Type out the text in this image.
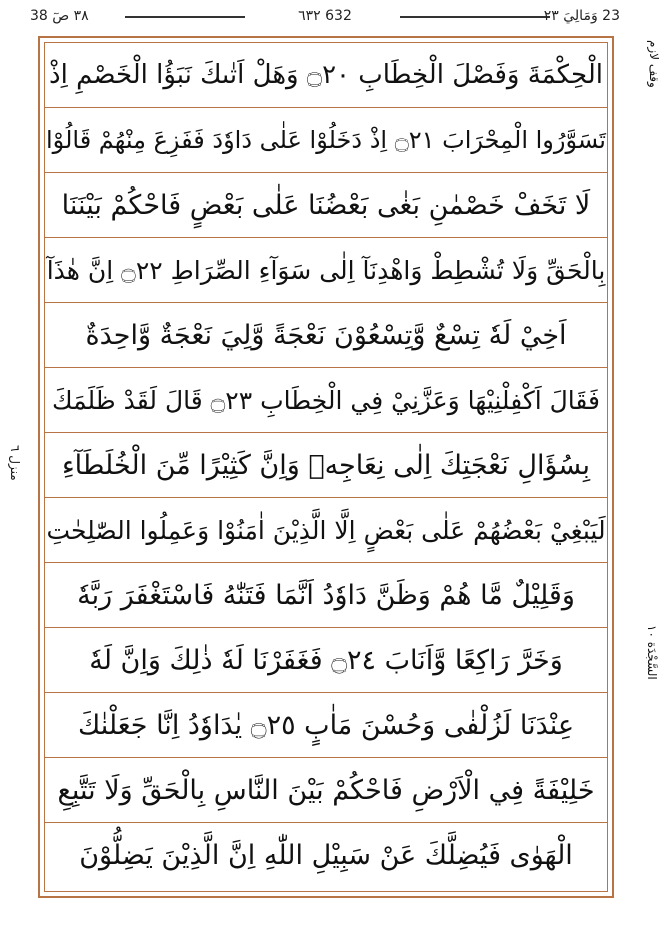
٣٨ صٓ 38	٦٣٢ 632	23 وَمَالِيَ ٢٣
وقف لازم
منزل ٦
السَّجْدَة ١٠
الْحِكْمَةَ وَفَصْلَ الْخِطَابِ ۝٢٠ وَهَلْ اَتٰىكَ نَبَؤُا الْخَصْمِ اِذْ
تَسَوَّرُوا الْمِحْرَابَ ۝٢١ اِذْ دَخَلُوْا عَلٰى دَاوٗدَ فَفَزِعَ مِنْهُمْ قَالُوْا
لَا تَخَفْ خَصْمٰنِ بَغٰى بَعْضُنَا عَلٰى بَعْضٍ فَاحْكُمْ بَيْنَنَا
بِالْحَقِّ وَلَا تُشْطِطْ وَاهْدِنَآ اِلٰى سَوَآءِ الصِّرَاطِ ۝٢٢ اِنَّ هٰذَآ
اَخِيْ لَهٗ تِسْعٌ وَّتِسْعُوْنَ نَعْجَةً وَّلِيَ نَعْجَةٌ وَّاحِدَةٌ
فَقَالَ اَكْفِلْنِيْهَا وَعَزَّنِيْ فِي الْخِطَابِ ۝٢٣ قَالَ لَقَدْ ظَلَمَكَ
بِسُؤَالِ نَعْجَتِكَ اِلٰى نِعَاجِهٖ وَاِنَّ كَثِيْرًا مِّنَ الْخُلَطَآءِ
لَيَبْغِيْ بَعْضُهُمْ عَلٰى بَعْضٍ اِلَّا الَّذِيْنَ اٰمَنُوْا وَعَمِلُوا الصّٰلِحٰتِ
وَقَلِيْلٌ مَّا هُمْ وَظَنَّ دَاوٗدُ اَنَّمَا فَتَنّٰهُ فَاسْتَغْفَرَ رَبَّهٗ
وَخَرَّ رَاكِعًا وَّاَنَابَ ۝٢٤ فَغَفَرْنَا لَهٗ ذٰلِكَ وَاِنَّ لَهٗ
عِنْدَنَا لَزُلْفٰى وَحُسْنَ مَاٰبٍ ۝٢٥ يٰدَاوٗدُ اِنَّا جَعَلْنٰكَ
خَلِيْفَةً فِي الْاَرْضِ فَاحْكُمْ بَيْنَ النَّاسِ بِالْحَقِّ وَلَا تَتَّبِعِ
الْهَوٰى فَيُضِلَّكَ عَنْ سَبِيْلِ اللّٰهِ اِنَّ الَّذِيْنَ يَضِلُّوْنَ
